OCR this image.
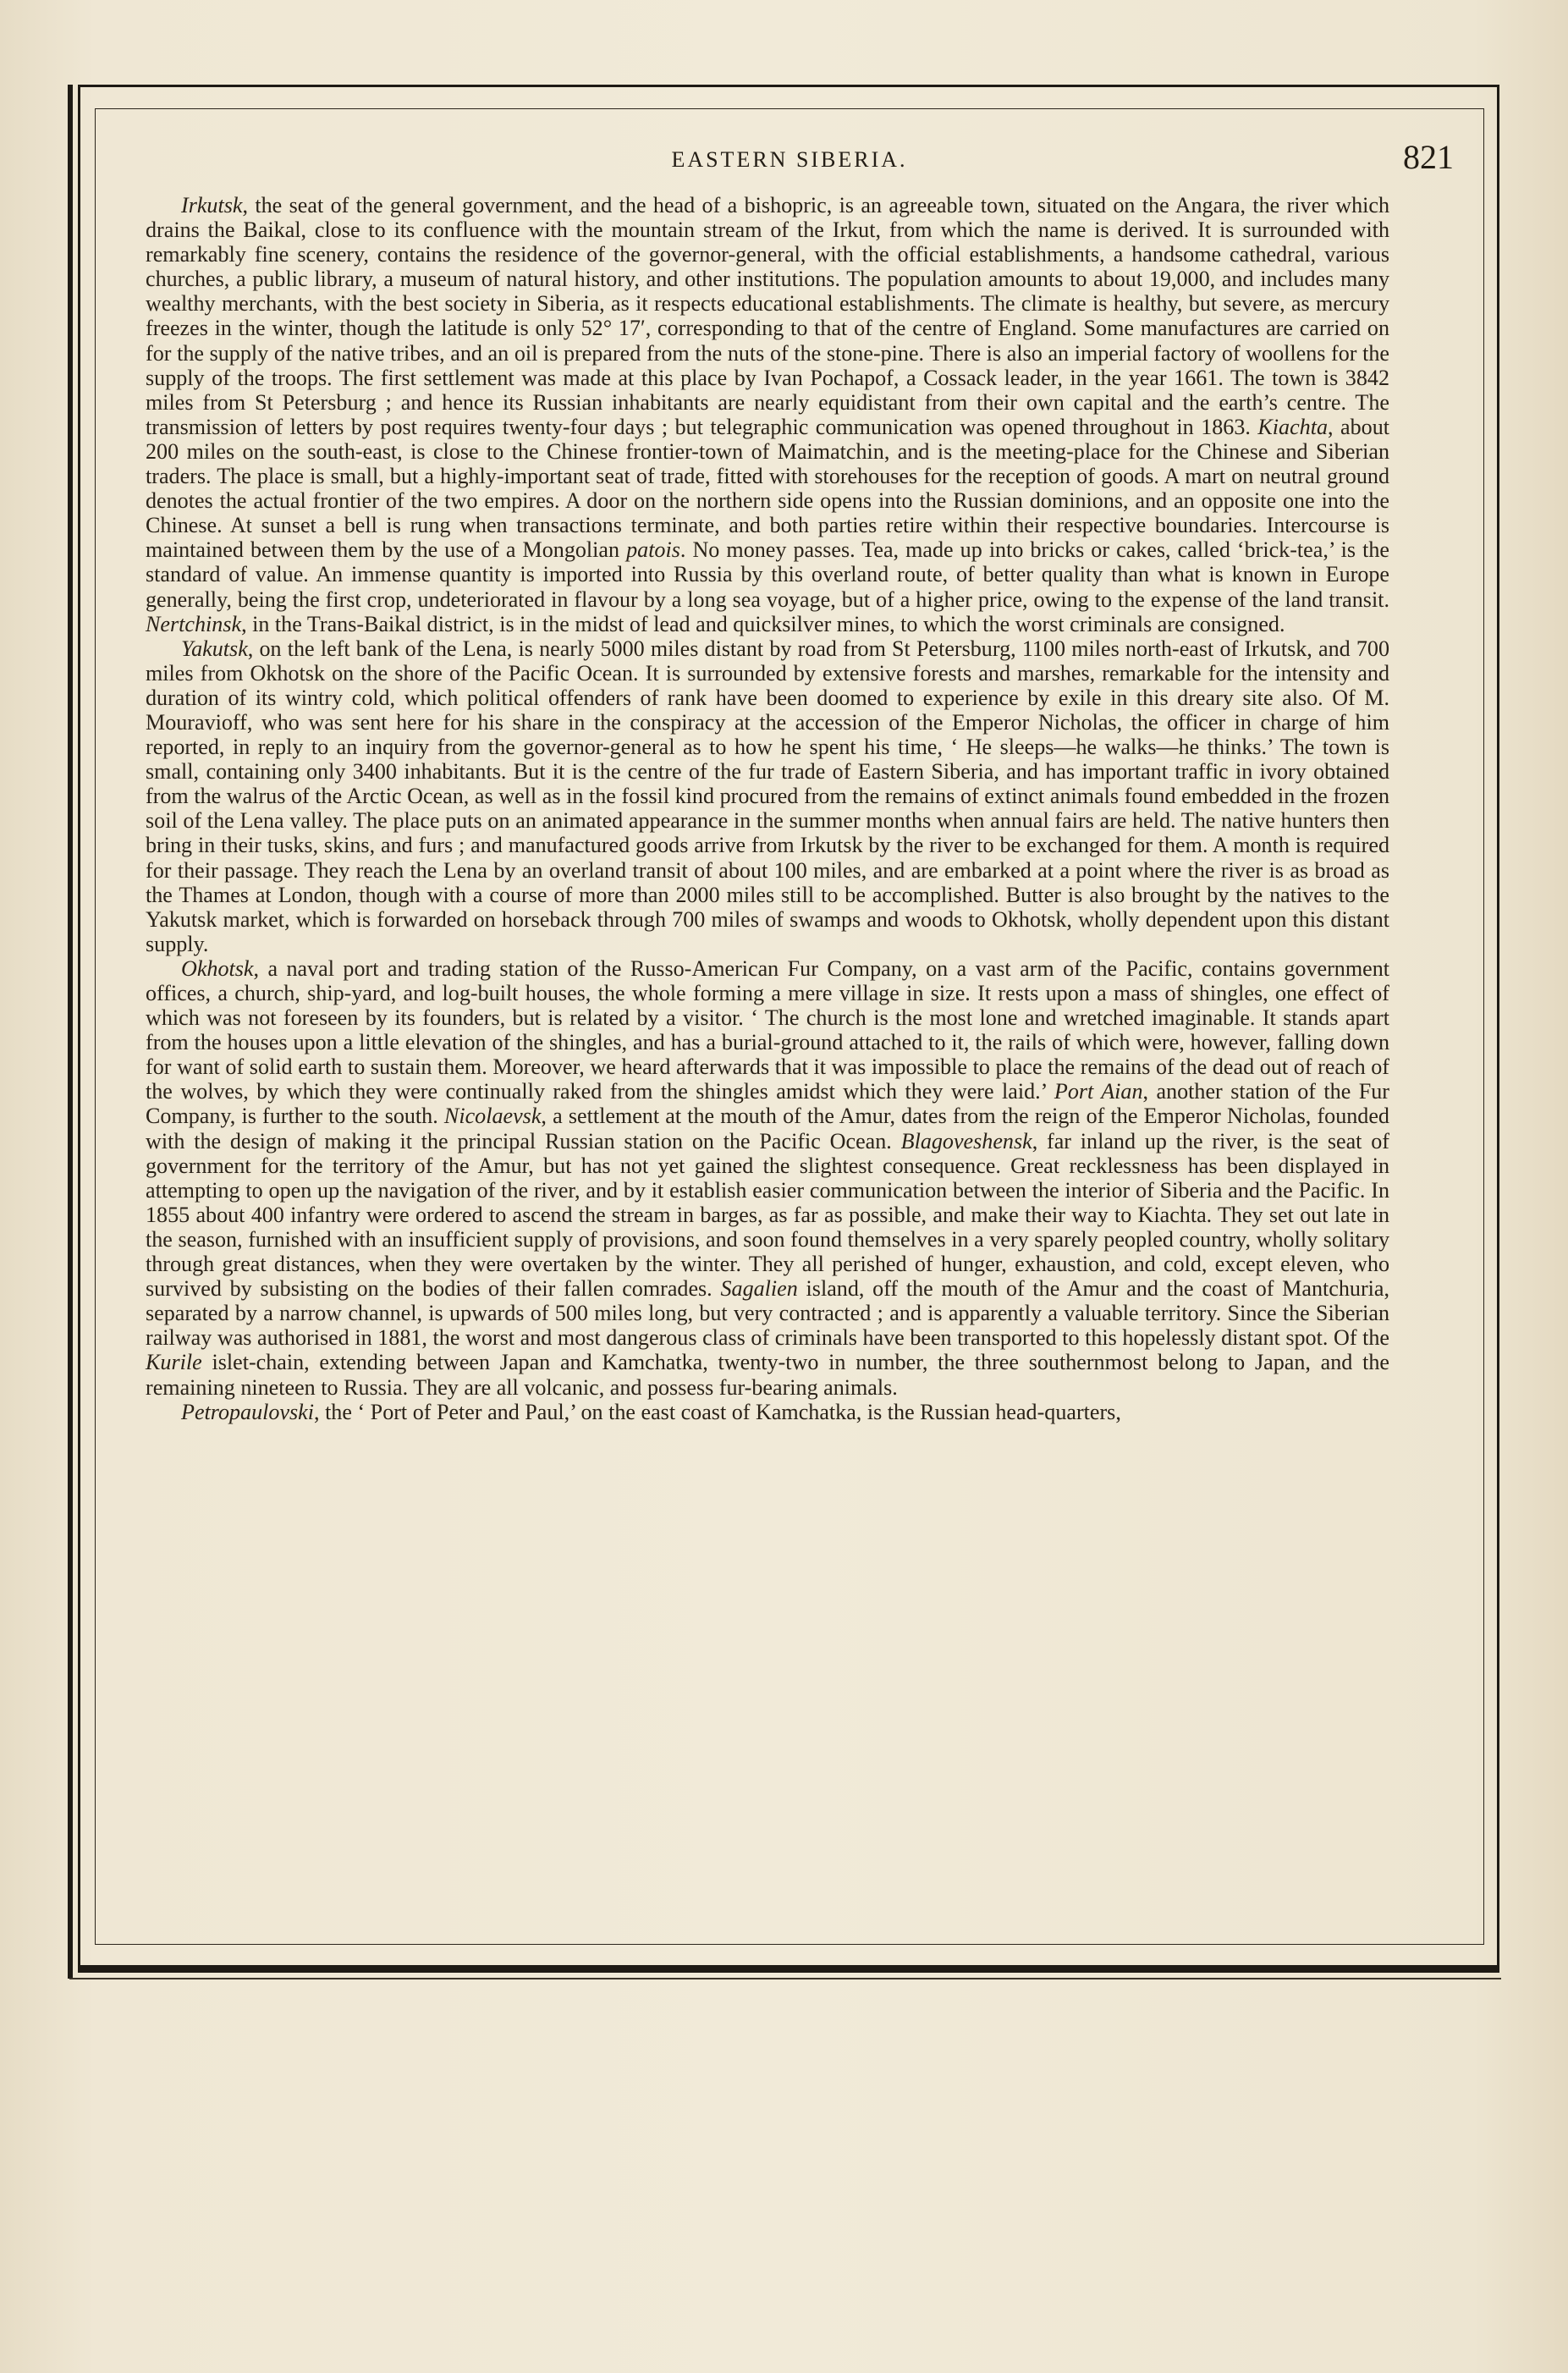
EASTERN SIBERIA.	821

Irkutsk, the seat of the general government, and the head of a bishopric, is an agreeable town, situated on the Angara, the river which drains the Baikal, close to its confluence with the mountain stream of the Irkut, from which the name is derived. It is surrounded with remarkably fine scenery, contains the residence of the governor-general, with the official establishments, a handsome cathedral, various churches, a public library, a museum of natural history, and other institutions. The population amounts to about 19,000, and includes many wealthy merchants, with the best society in Siberia, as it respects educational establishments. The climate is healthy, but severe, as mercury freezes in the winter, though the latitude is only 52° 17′, corresponding to that of the centre of England. Some manufactures are carried on for the supply of the native tribes, and an oil is prepared from the nuts of the stone-pine. There is also an imperial factory of woollens for the supply of the troops. The first settlement was made at this place by Ivan Pochapof, a Cossack leader, in the year 1661. The town is 3842 miles from St Petersburg ; and hence its Russian inhabitants are nearly equidistant from their own capital and the earth’s centre. The transmission of letters by post requires twenty-four days ; but telegraphic communication was opened throughout in 1863. Kiachta, about 200 miles on the south-east, is close to the Chinese frontier-town of Maimatchin, and is the meeting-place for the Chinese and Siberian traders. The place is small, but a highly-important seat of trade, fitted with storehouses for the reception of goods. A mart on neutral ground denotes the actual frontier of the two empires. A door on the northern side opens into the Russian dominions, and an opposite one into the Chinese. At sunset a bell is rung when transactions terminate, and both parties retire within their respective boundaries. Intercourse is maintained between them by the use of a Mongolian patois. No money passes. Tea, made up into bricks or cakes, called ‘brick-tea,’ is the standard of value. An immense quantity is imported into Russia by this overland route, of better quality than what is known in Europe generally, being the first crop, undeteriorated in flavour by a long sea voyage, but of a higher price, owing to the expense of the land transit. Nertchinsk, in the Trans-Baikal district, is in the midst of lead and quicksilver mines, to which the worst criminals are consigned.

Yakutsk, on the left bank of the Lena, is nearly 5000 miles distant by road from St Petersburg, 1100 miles north-east of Irkutsk, and 700 miles from Okhotsk on the shore of the Pacific Ocean. It is surrounded by extensive forests and marshes, remarkable for the intensity and duration of its wintry cold, which political offenders of rank have been doomed to experience by exile in this dreary site also. Of M. Mouravioff, who was sent here for his share in the conspiracy at the accession of the Emperor Nicholas, the officer in charge of him reported, in reply to an inquiry from the governor-general as to how he spent his time, ‘ He sleeps—he walks—he thinks.’ The town is small, containing only 3400 inhabitants. But it is the centre of the fur trade of Eastern Siberia, and has important traffic in ivory obtained from the walrus of the Arctic Ocean, as well as in the fossil kind procured from the remains of extinct animals found embedded in the frozen soil of the Lena valley. The place puts on an animated appearance in the summer months when annual fairs are held. The native hunters then bring in their tusks, skins, and furs ; and manufactured goods arrive from Irkutsk by the river to be exchanged for them. A month is required for their passage. They reach the Lena by an overland transit of about 100 miles, and are embarked at a point where the river is as broad as the Thames at London, though with a course of more than 2000 miles still to be accomplished. Butter is also brought by the natives to the Yakutsk market, which is forwarded on horseback through 700 miles of swamps and woods to Okhotsk, wholly dependent upon this distant supply.

Okhotsk, a naval port and trading station of the Russo-American Fur Company, on a vast arm of the Pacific, contains government offices, a church, ship-yard, and log-built houses, the whole forming a mere village in size. It rests upon a mass of shingles, one effect of which was not foreseen by its founders, but is related by a visitor. ‘ The church is the most lone and wretched imaginable. It stands apart from the houses upon a little elevation of the shingles, and has a burial-ground attached to it, the rails of which were, however, falling down for want of solid earth to sustain them. Moreover, we heard afterwards that it was impossible to place the remains of the dead out of reach of the wolves, by which they were continually raked from the shingles amidst which they were laid.’ Port Aian, another station of the Fur Company, is further to the south. Nicolaevsk, a settlement at the mouth of the Amur, dates from the reign of the Emperor Nicholas, founded with the design of making it the principal Russian station on the Pacific Ocean. Blagoveshensk, far inland up the river, is the seat of government for the territory of the Amur, but has not yet gained the slightest consequence. Great recklessness has been displayed in attempting to open up the navigation of the river, and by it establish easier communication between the interior of Siberia and the Pacific. In 1855 about 400 infantry were ordered to ascend the stream in barges, as far as possible, and make their way to Kiachta. They set out late in the season, furnished with an insufficient supply of provisions, and soon found themselves in a very sparely peopled country, wholly solitary through great distances, when they were overtaken by the winter. They all perished of hunger, exhaustion, and cold, except eleven, who survived by subsisting on the bodies of their fallen comrades. Sagalien island, off the mouth of the Amur and the coast of Mantchuria, separated by a narrow channel, is upwards of 500 miles long, but very contracted ; and is apparently a valuable territory. Since the Siberian railway was authorised in 1881, the worst and most dangerous class of criminals have been transported to this hopelessly distant spot. Of the Kurile islet-chain, extending between Japan and Kamchatka, twenty-two in number, the three southernmost belong to Japan, and the remaining nineteen to Russia. They are all volcanic, and possess fur-bearing animals.

Petropaulovski, the ‘ Port of Peter and Paul,’ on the east coast of Kamchatka, is the Russian head-quarters,
